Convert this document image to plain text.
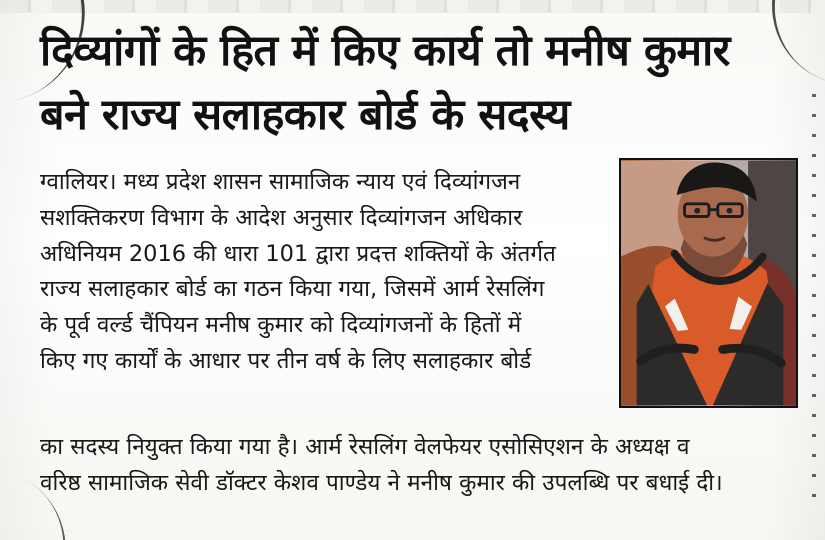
दिव्यांगों के हित में किए कार्य तो मनीष कुमार
बने राज्य सलाहकार बोर्ड के सदस्य

ग्वालियर। मध्य प्रदेश शासन सामाजिक न्याय एवं दिव्यांगजन
सशक्तिकरण विभाग के आदेश अनुसार दिव्यांगजन अधिकार
अधिनियम 2016 की धारा 101 द्वारा प्रदत्त शक्तियों के अंतर्गत
राज्य सलाहकार बोर्ड का गठन किया गया, जिसमें आर्म रेसलिंग
के पूर्व वर्ल्ड चैंपियन मनीष कुमार को दिव्यांगजनों के हितों में
किए गए कार्यों के आधार पर तीन वर्ष के लिए सलाहकार बोर्ड

का सदस्य नियुक्त किया गया है। आर्म रेसलिंग वेलफेयर एसोसिएशन के अध्यक्ष व
वरिष्ठ सामाजिक सेवी डॉक्टर केशव पाण्डेय ने मनीष कुमार की उपलब्धि पर बधाई दी।
